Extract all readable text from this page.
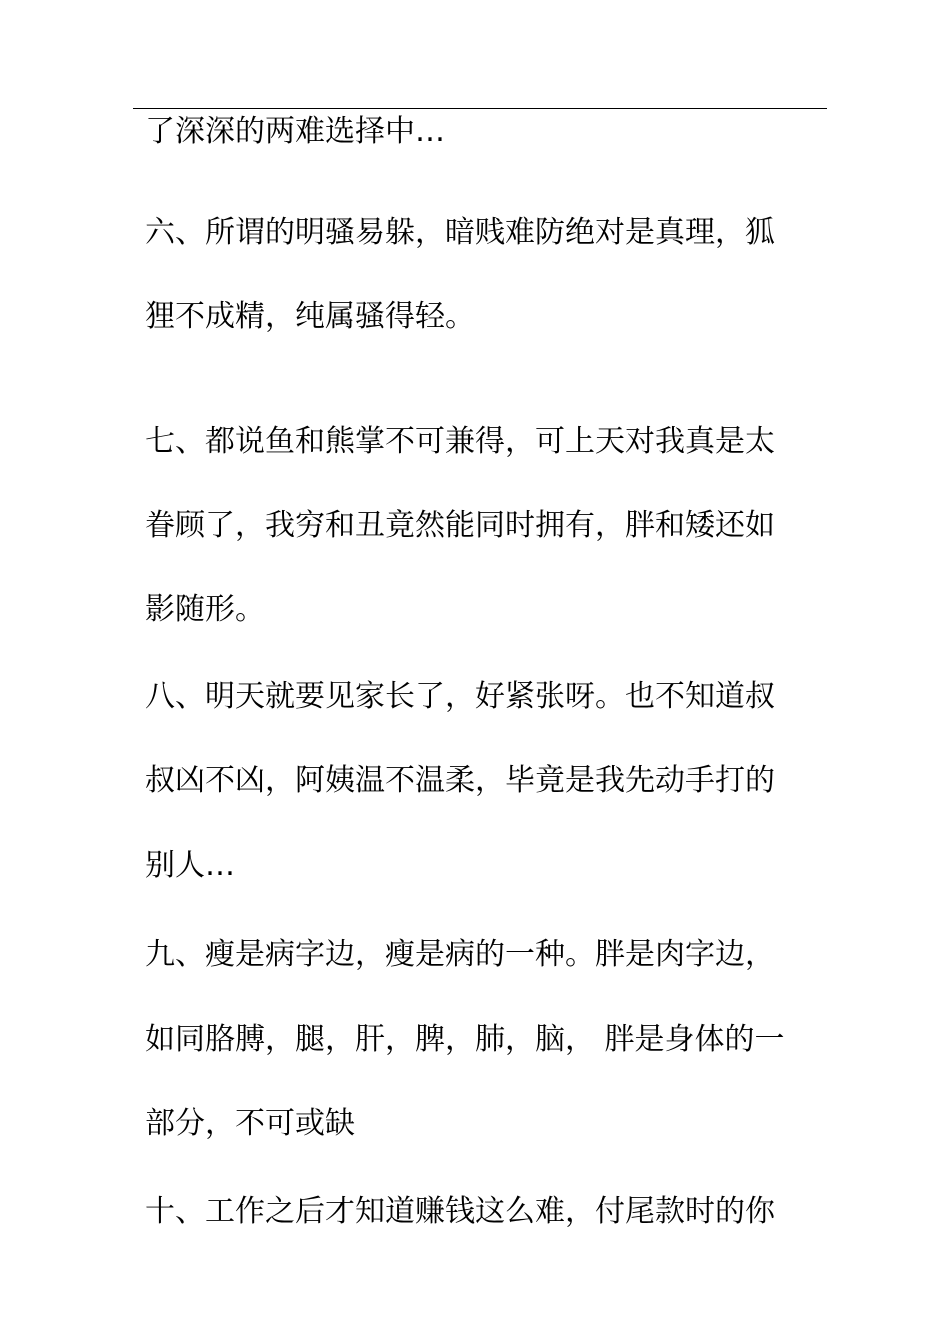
了深深的两难选择中…
六、所谓的明骚易躲，暗贱难防绝对是真理，狐
狸不成精，纯属骚得轻。
七、都说鱼和熊掌不可兼得，可上天对我真是太
眷顾了，我穷和丑竟然能同时拥有，胖和矮还如
影随形。
八、明天就要见家长了，好紧张呀。也不知道叔
叔凶不凶，阿姨温不温柔，毕竟是我先动手打的
别人…
九、瘦是病字边，瘦是病的一种。胖是肉字边，
如同胳膊，腿，肝，脾，肺，脑， 胖是身体的一
部分，不可或缺
十、工作之后才知道赚钱这么难，付尾款时的你
